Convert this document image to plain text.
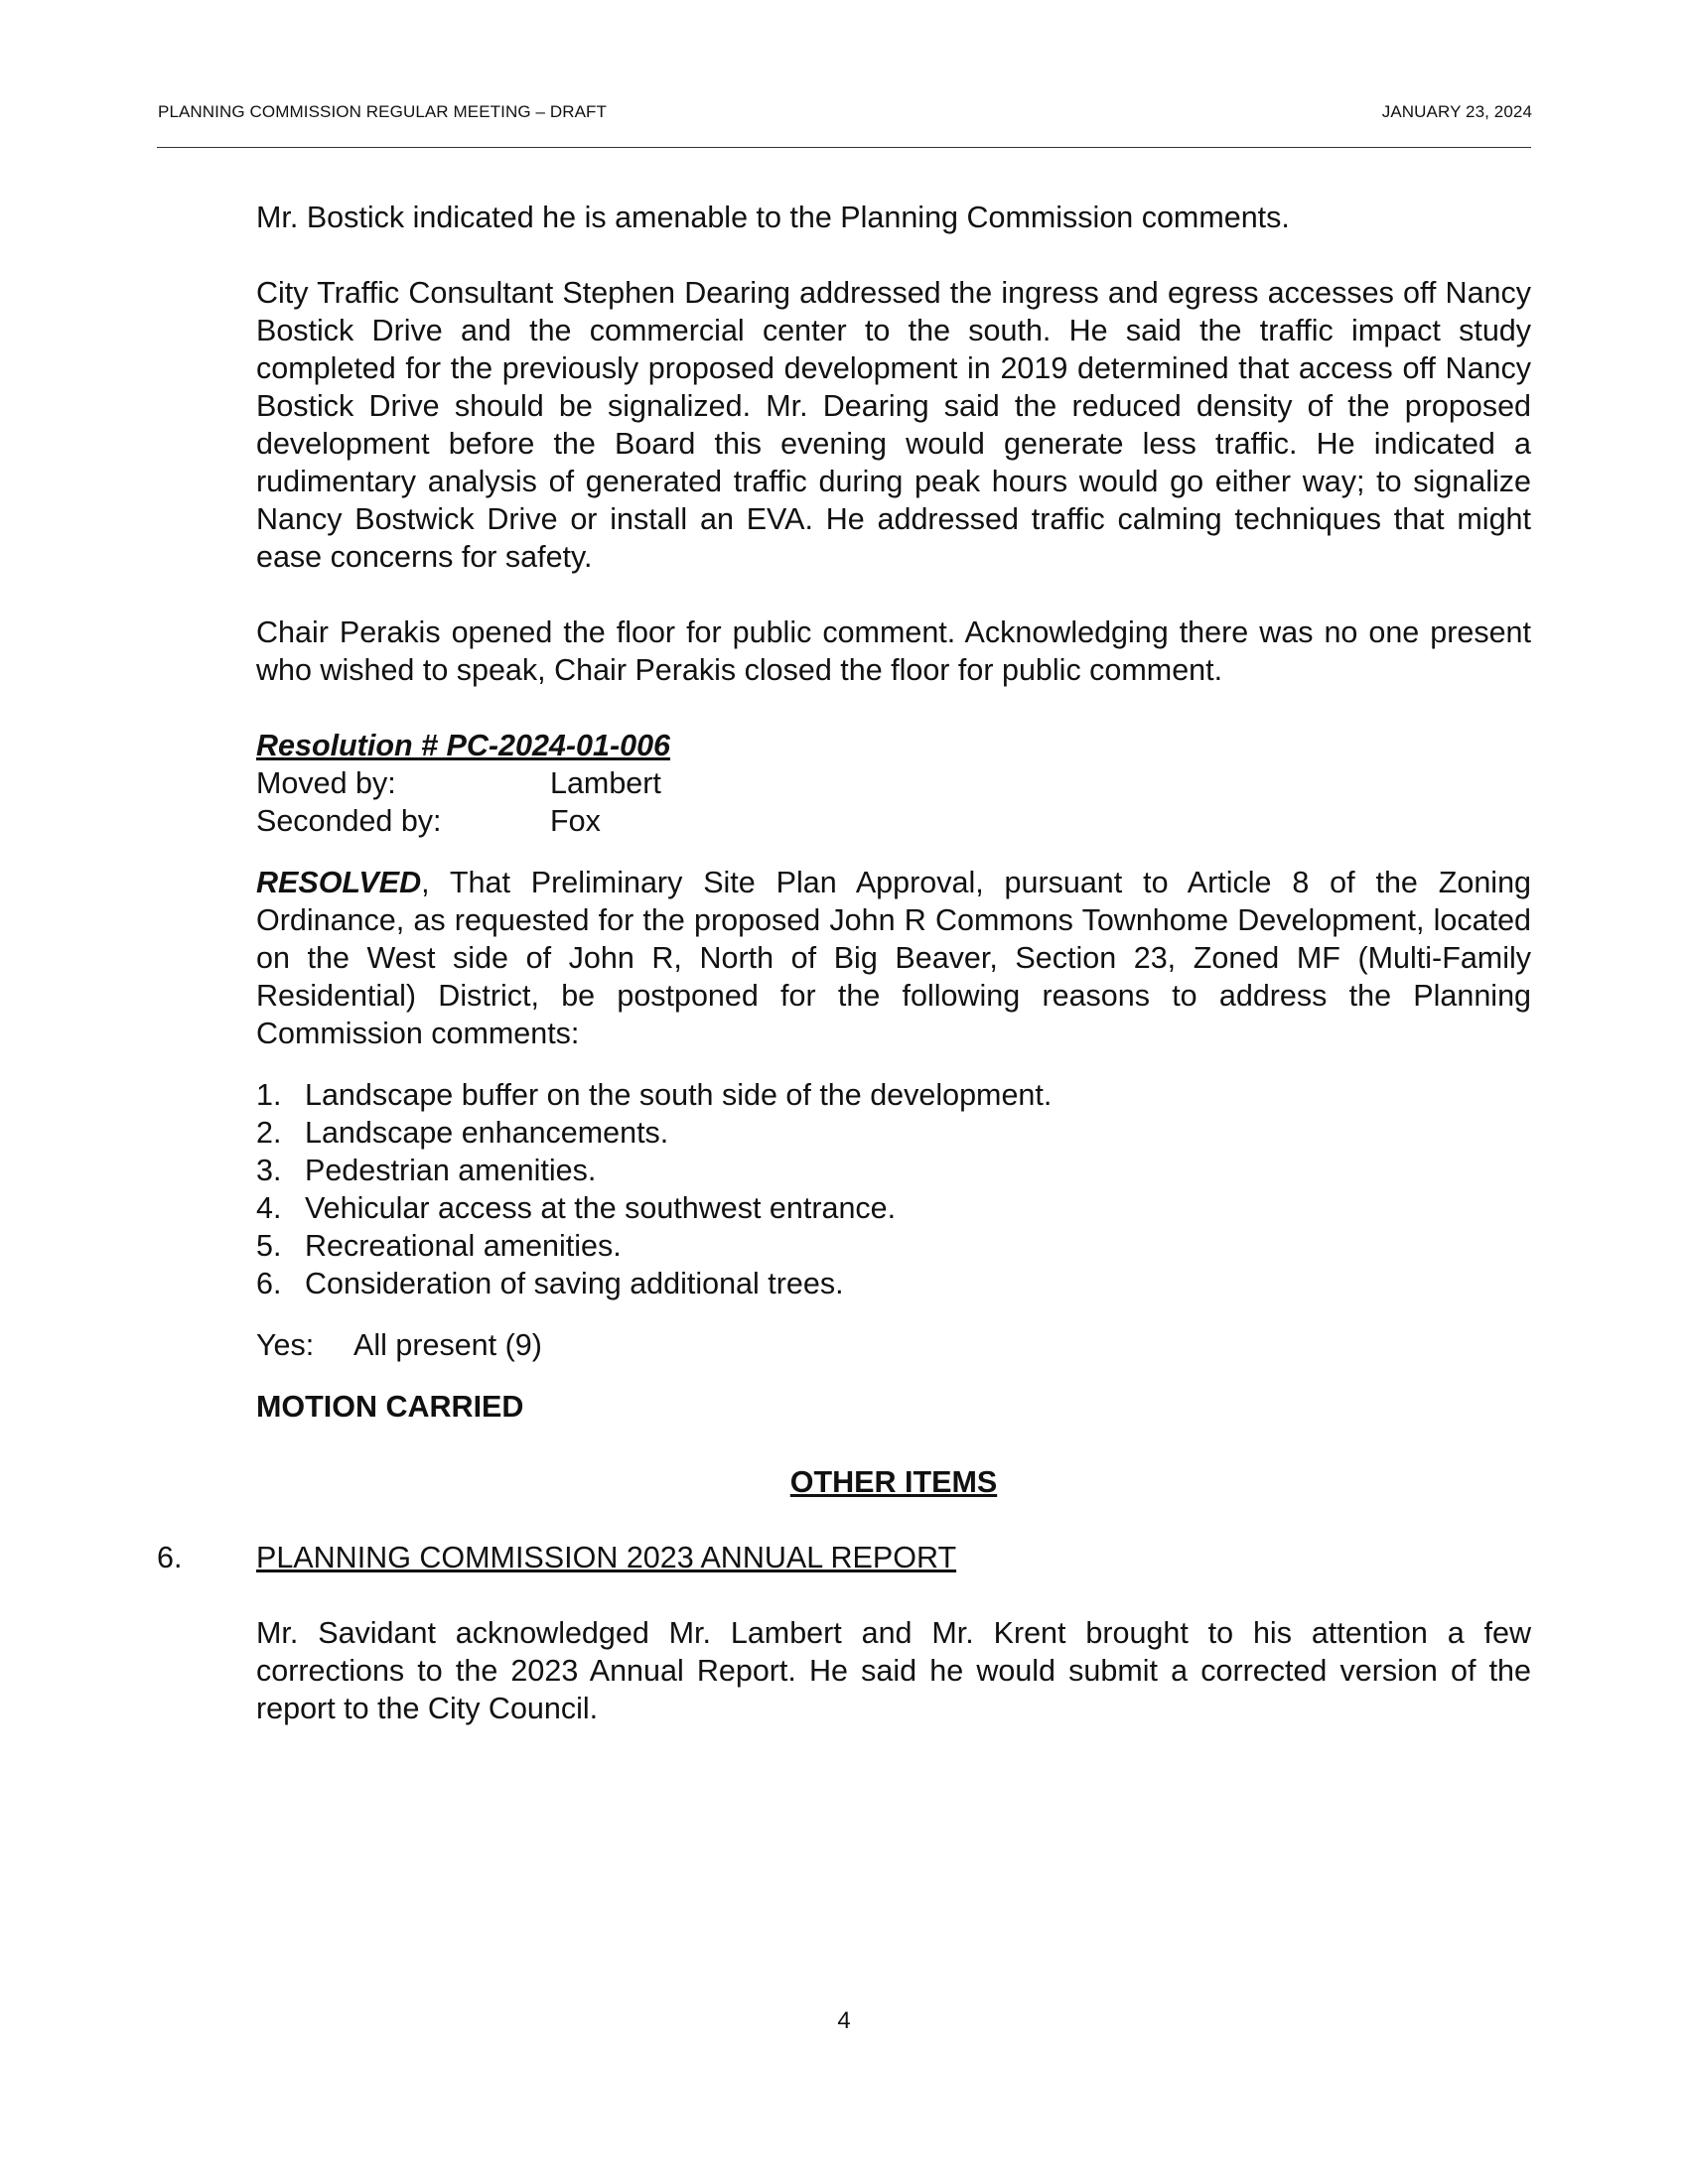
PLANNING COMMISSION REGULAR MEETING – DRAFT	JANUARY 23, 2024

Mr. Bostick indicated he is amenable to the Planning Commission comments.

City Traffic Consultant Stephen Dearing addressed the ingress and egress accesses off Nancy Bostick Drive and the commercial center to the south. He said the traffic impact study completed for the previously proposed development in 2019 determined that access off Nancy Bostick Drive should be signalized. Mr. Dearing said the reduced density of the proposed development before the Board this evening would generate less traffic. He indicated a rudimentary analysis of generated traffic during peak hours would go either way; to signalize Nancy Bostwick Drive or install an EVA. He addressed traffic calming techniques that might ease concerns for safety.

Chair Perakis opened the floor for public comment. Acknowledging there was no one present who wished to speak, Chair Perakis closed the floor for public comment.

Resolution # PC-2024-01-006

Moved by:	Lambert
Seconded by:	Fox

RESOLVED, That Preliminary Site Plan Approval, pursuant to Article 8 of the Zoning Ordinance, as requested for the proposed John R Commons Townhome Development, located on the West side of John R, North of Big Beaver, Section 23, Zoned MF (Multi-Family Residential) District, be postponed for the following reasons to address the Planning Commission comments:

1. Landscape buffer on the south side of the development.
2. Landscape enhancements.
3. Pedestrian amenities.
4. Vehicular access at the southwest entrance.
5. Recreational amenities.
6. Consideration of saving additional trees.
Yes:	All present (9)

MOTION CARRIED

OTHER ITEMS

6. PLANNING COMMISSION 2023 ANNUAL REPORT

Mr. Savidant acknowledged Mr. Lambert and Mr. Krent brought to his attention a few corrections to the 2023 Annual Report. He said he would submit a corrected version of the report to the City Council.

4
